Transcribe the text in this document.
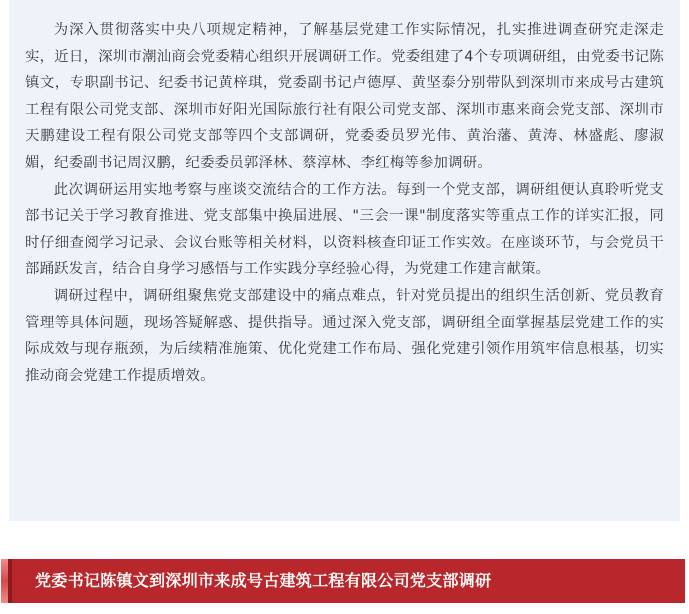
为深入贯彻落实中央八项规定精神，了解基层党建工作实际情况，扎实推进调查研究走深走实，近日，深圳市潮汕商会党委精心组织开展调研工作。党委组建了4个专项调研组，由党委书记陈镇文，专职副书记、纪委书记黄梓琪，党委副书记卢德厚、黄坚泰分别带队到深圳市来成号古建筑工程有限公司党支部、深圳市好阳光国际旅行社有限公司党支部、深圳市惠来商会党支部、深圳市天鹏建设工程有限公司党支部等四个支部调研，党委委员罗光伟、黄治藩、黄涛、林盛彪、廖淑媚，纪委副书记周汉鹏，纪委委员郭泽林、蔡淳林、李红梅等参加调研。

此次调研运用实地考察与座谈交流结合的工作方法。每到一个党支部，调研组便认真聆听党支部书记关于学习教育推进、党支部集中换届进展、"三会一课"制度落实等重点工作的详实汇报，同时仔细查阅学习记录、会议台账等相关材料，以资料核查印证工作实效。在座谈环节，与会党员干部踊跃发言，结合自身学习感悟与工作实践分享经验心得，为党建工作建言献策。

调研过程中，调研组聚焦党支部建设中的痛点难点，针对党员提出的组织生活创新、党员教育管理等具体问题，现场答疑解惑、提供指导。通过深入党支部，调研组全面掌握基层党建工作的实际成效与现存瓶颈，为后续精准施策、优化党建工作布局、强化党建引领作用筑牢信息根基，切实推动商会党建工作提质增效。

党委书记陈镇文到深圳市来成号古建筑工程有限公司党支部调研
